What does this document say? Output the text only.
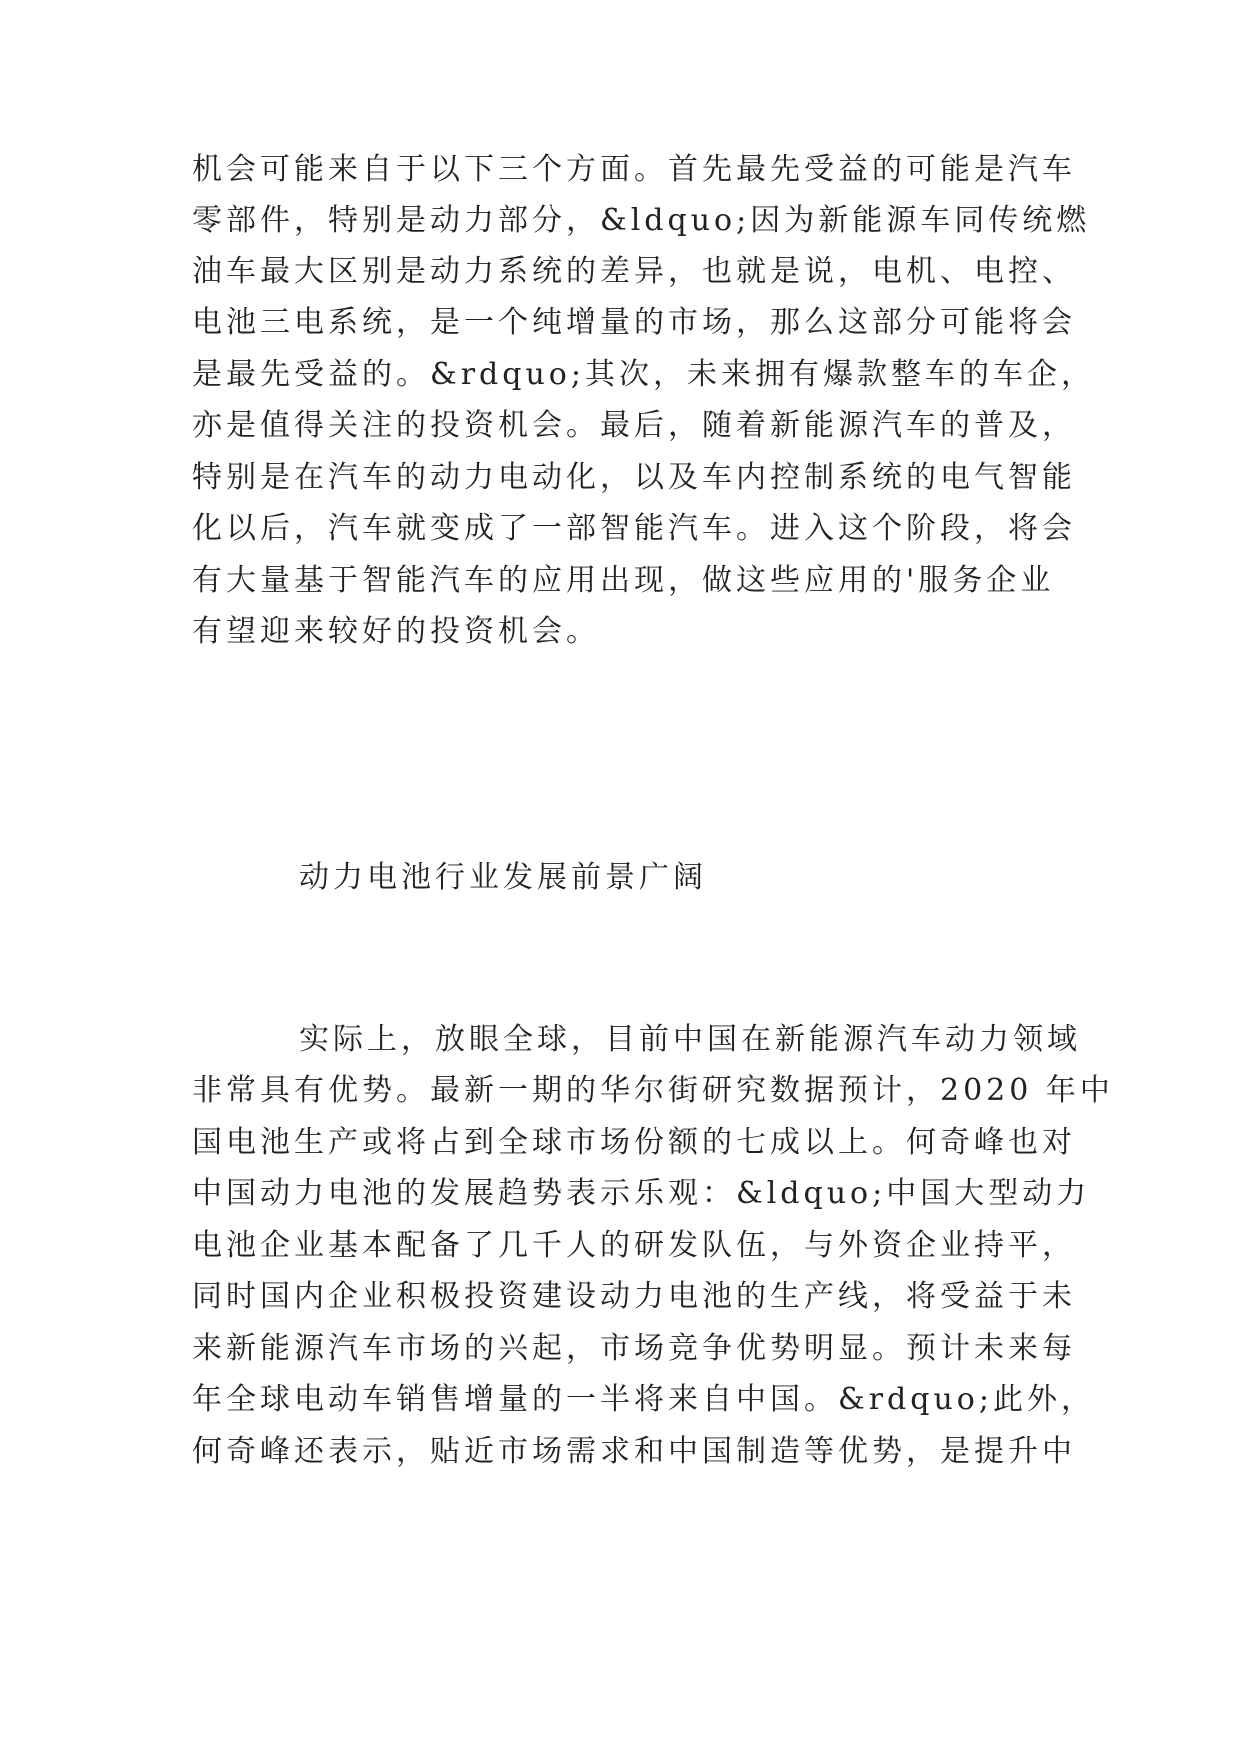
机会可能来自于以下三个方面。首先最先受益的可能是汽车
零部件，特别是动力部分，&ldquo;因为新能源车同传统燃
油车最大区别是动力系统的差异，也就是说，电机、电控、
电池三电系统，是一个纯增量的市场，那么这部分可能将会
是最先受益的。&rdquo;其次，未来拥有爆款整车的车企，
亦是值得关注的投资机会。最后，随着新能源汽车的普及，
特别是在汽车的动力电动化，以及车内控制系统的电气智能
化以后，汽车就变成了一部智能汽车。进入这个阶段，将会
有大量基于智能汽车的应用出现，做这些应用的'服务企业
有望迎来较好的投资机会。
动力电池行业发展前景广阔
实际上，放眼全球，目前中国在新能源汽车动力领域
非常具有优势。最新一期的华尔街研究数据预计，2020 年中
国电池生产或将占到全球市场份额的七成以上。何奇峰也对
中国动力电池的发展趋势表示乐观：&ldquo;中国大型动力
电池企业基本配备了几千人的研发队伍，与外资企业持平，
同时国内企业积极投资建设动力电池的生产线，将受益于未
来新能源汽车市场的兴起，市场竞争优势明显。预计未来每
年全球电动车销售增量的一半将来自中国。&rdquo;此外，
何奇峰还表示，贴近市场需求和中国制造等优势，是提升中
